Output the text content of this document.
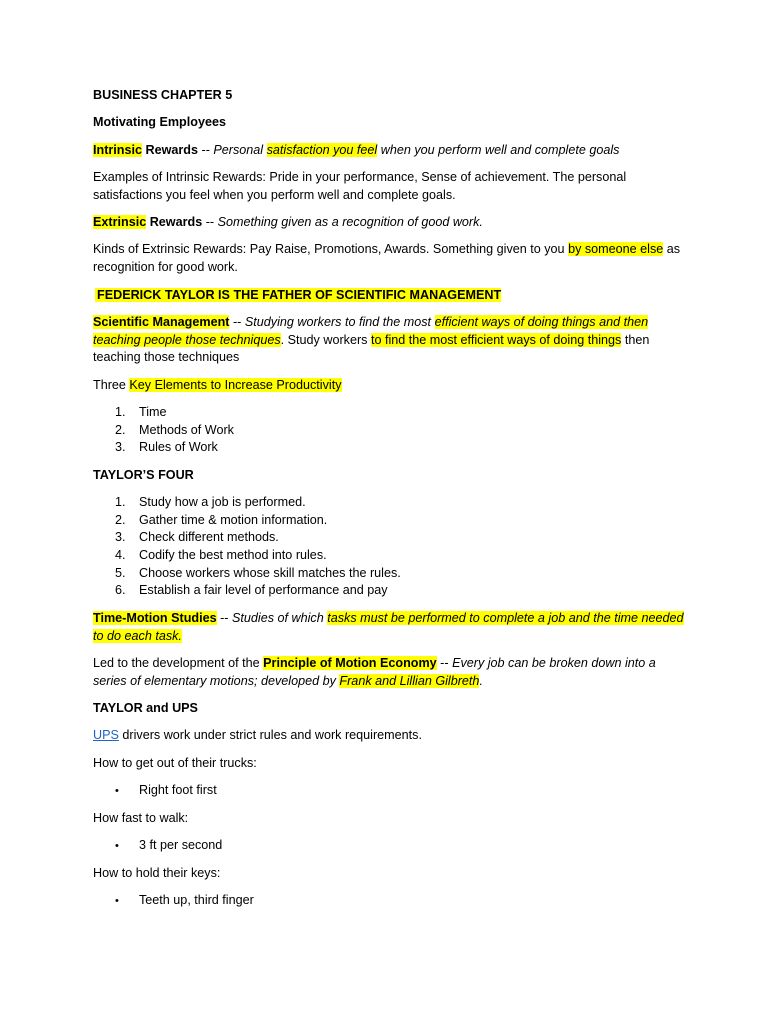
BUSINESS CHAPTER 5

Motivating Employees

Intrinsic Rewards -- Personal satisfaction you feel when you perform well and complete goals

Examples of Intrinsic Rewards: Pride in your performance, Sense of achievement. The personal satisfactions you feel when you perform well and complete goals.

Extrinsic Rewards -- Something given as a recognition of good work.

Kinds of Extrinsic Rewards: Pay Raise, Promotions, Awards. Something given to you by someone else as recognition for good work.

FEDERICK TAYLOR IS THE FATHER OF SCIENTIFIC MANAGEMENT

Scientific Management -- Studying workers to find the most efficient ways of doing things and then teaching people those techniques. Study workers to find the most efficient ways of doing things then teaching those techniques

Three Key Elements to Increase Productivity

1. Time
2. Methods of Work
3. Rules of Work

TAYLOR’S FOUR

1. Study how a job is performed.
2. Gather time & motion information.
3. Check different methods.
4. Codify the best method into rules.
5. Choose workers whose skill matches the rules.
6. Establish a fair level of performance and pay

Time-Motion Studies -- Studies of which tasks must be performed to complete a job and the time needed to do each task.

Led to the development of the Principle of Motion Economy -- Every job can be broken down into a series of elementary motions; developed by Frank and Lillian Gilbreth.

TAYLOR and UPS

UPS drivers work under strict rules and work requirements.

How to get out of their trucks:

• Right foot first

How fast to walk:

• 3 ft per second

How to hold their keys:

• Teeth up, third finger
